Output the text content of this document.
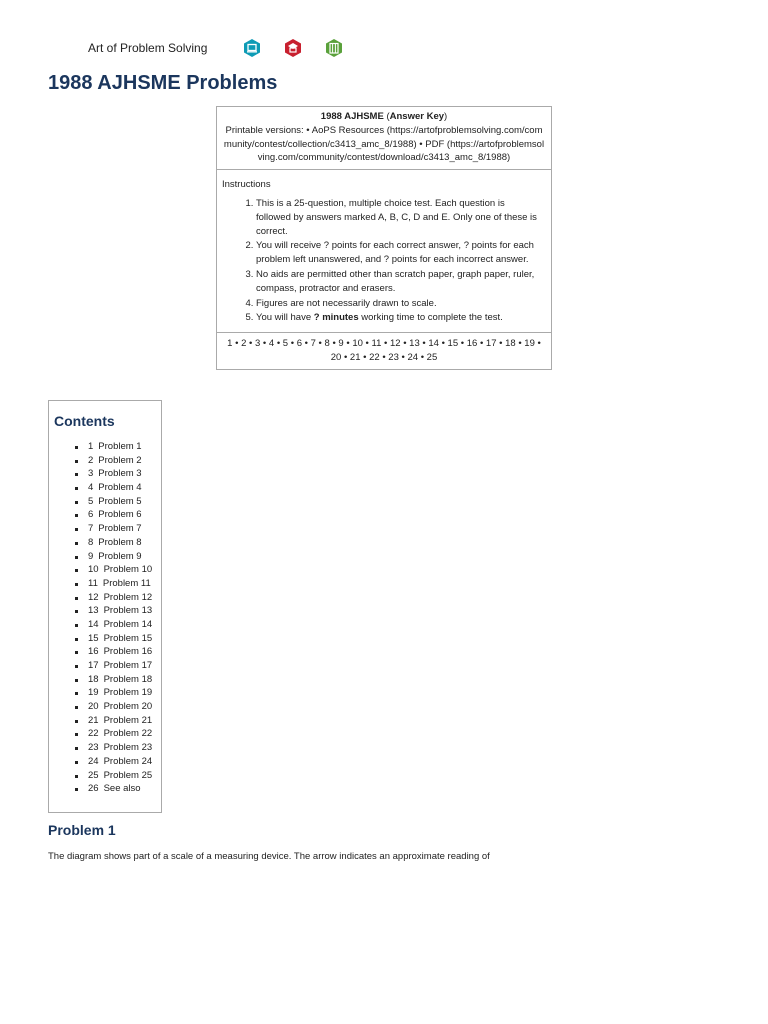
Art of Problem Solving
1988 AJHSME Problems
1988 AJHSME (Answer Key)
Printable versions: • AoPS Resources (https://artofproblemsolving.com/community/contest/collection/c3413_amc_8/1988) • PDF (https://artofproblemsolving.com/community/contest/download/c3413_amc_8/1988)
Instructions
1. This is a 25-question, multiple choice test. Each question is followed by answers marked A, B, C, D and E. Only one of these is correct.
2. You will receive ? points for each correct answer, ? points for each problem left unanswered, and ? points for each incorrect answer.
3. No aids are permitted other than scratch paper, graph paper, ruler, compass, protractor and erasers.
4. Figures are not necessarily drawn to scale.
5. You will have ? minutes working time to complete the test.
1 • 2 • 3 • 4 • 5 • 6 • 7 • 8 • 9 • 10 • 11 • 12 • 13 • 14 • 15 • 16 • 17 • 18 • 19 • 20 • 21 • 22 • 23 • 24 • 25
Contents
1 Problem 1
2 Problem 2
3 Problem 3
4 Problem 4
5 Problem 5
6 Problem 6
7 Problem 7
8 Problem 8
9 Problem 9
10 Problem 10
11 Problem 11
12 Problem 12
13 Problem 13
14 Problem 14
15 Problem 15
16 Problem 16
17 Problem 17
18 Problem 18
19 Problem 19
20 Problem 20
21 Problem 21
22 Problem 22
23 Problem 23
24 Problem 24
25 Problem 25
26 See also
Problem 1

The diagram shows part of a scale of a measuring device. The arrow indicates an approximate reading of
